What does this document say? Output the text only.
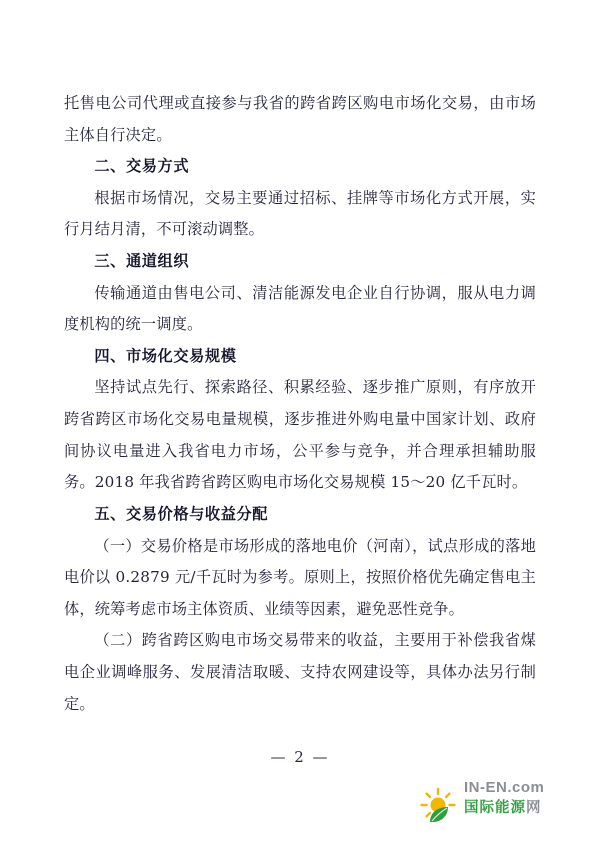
托售电公司代理或直接参与我省的跨省跨区购电市场化交易，由市场主体自行决定。

二、交易方式

根据市场情况，交易主要通过招标、挂牌等市场化方式开展，实行月结月清，不可滚动调整。

三、通道组织

传输通道由售电公司、清洁能源发电企业自行协调，服从电力调度机构的统一调度。

四、市场化交易规模

坚持试点先行、探索路径、积累经验、逐步推广原则，有序放开跨省跨区市场化交易电量规模，逐步推进外购电量中国家计划、政府间协议电量进入我省电力市场，公平参与竞争，并合理承担辅助服务。2018 年我省跨省跨区购电市场化交易规模 15～20 亿千瓦时。

五、交易价格与收益分配

（一）交易价格是市场形成的落地电价（河南），试点形成的落地电价以 0.2879 元/千瓦时为参考。原则上，按照价格优先确定售电主体，统筹考虑市场主体资质、业绩等因素，避免恶性竞争。

（二）跨省跨区购电市场交易带来的收益，主要用于补偿我省煤电企业调峰服务、发展清洁取暖、支持农网建设等，具体办法另行制定。

— 2 —
IN-EN.com
国际能源网
